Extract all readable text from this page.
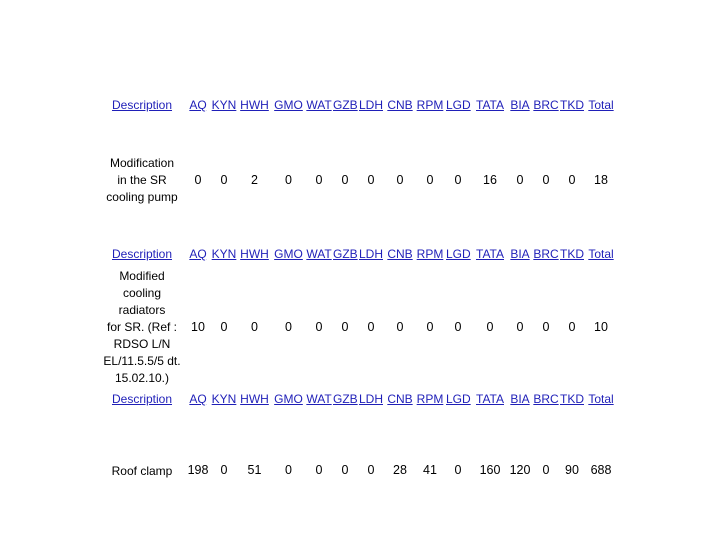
Description	AQ KYN HWH GMO WAT GZB LDH CNB RPM LGD TATA BIA BRC TKD Total
Modification
in the SR
cooling pump
0	0	2	0	0	0	0	0	0	0	16	0	0	0	18
Description	AQ KYN HWH GMO WAT GZB LDH CNB RPM LGD TATA BIA BRC TKD Total
Modified
cooling
radiators
for SR. (Ref :
RDSO L/N
EL/11.5.5/5 dt.
15.02.10.)
10	0	0	0	0	0	0	0	0	0	0	0	0	0	10
Description	AQ KYN HWH GMO WAT GZB LDH CNB RPM LGD TATA BIA BRC TKD Total
Roof clamp	198 0	51	0	0	0	0	28	41	0	160 120 0	90 688
